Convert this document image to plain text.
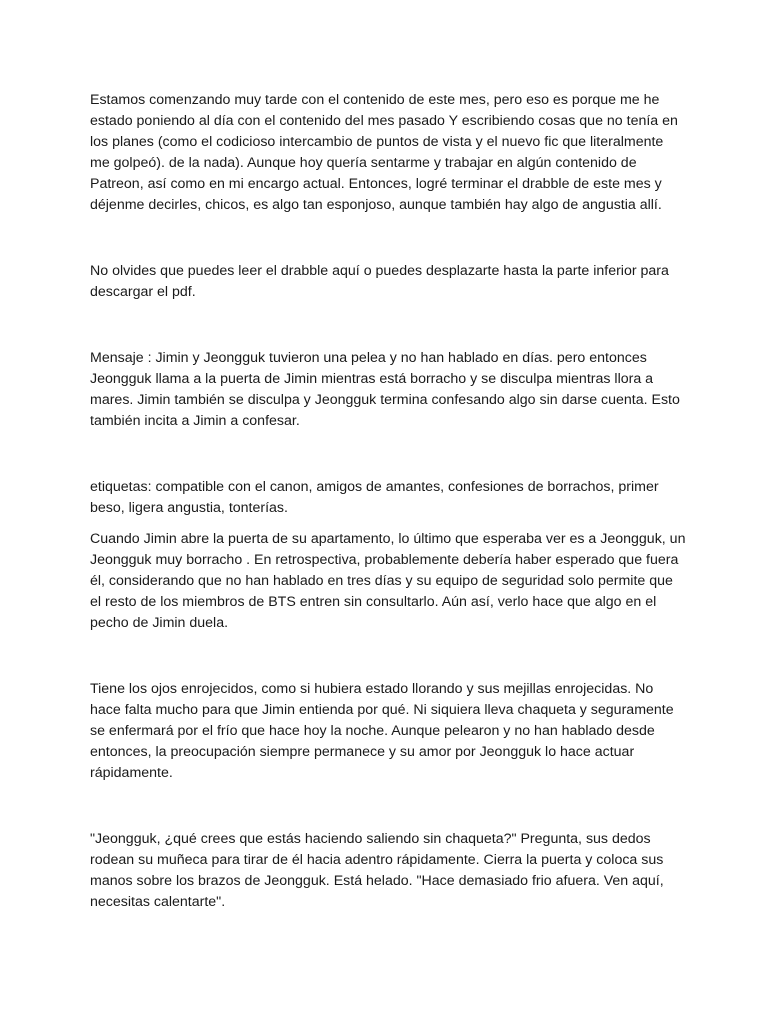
Estamos comenzando muy tarde con el contenido de este mes, pero eso es porque me he estado poniendo al día con el contenido del mes pasado Y escribiendo cosas que no tenía en los planes (como el codicioso intercambio de puntos de vista y el nuevo fic que literalmente me golpeó). de la nada). Aunque hoy quería sentarme y trabajar en algún contenido de Patreon, así como en mi encargo actual. Entonces, logré terminar el drabble de este mes y déjenme decirles, chicos, es algo tan esponjoso, aunque también hay algo de angustia allí.

No olvides que puedes leer el drabble aquí o puedes desplazarte hasta la parte inferior para descargar el pdf.

Mensaje : Jimin y Jeongguk tuvieron una pelea y no han hablado en días. pero entonces Jeongguk llama a la puerta de Jimin mientras está borracho y se disculpa mientras llora a mares. Jimin también se disculpa y Jeongguk termina confesando algo sin darse cuenta. Esto también incita a Jimin a confesar.

etiquetas: compatible con el canon, amigos de amantes, confesiones de borrachos, primer beso, ligera angustia, tonterías.

Cuando Jimin abre la puerta de su apartamento, lo último que esperaba ver es a Jeongguk, un Jeongguk muy borracho . En retrospectiva, probablemente debería haber esperado que fuera él, considerando que no han hablado en tres días y su equipo de seguridad solo permite que el resto de los miembros de BTS entren sin consultarlo. Aún así, verlo hace que algo en el pecho de Jimin duela.

Tiene los ojos enrojecidos, como si hubiera estado llorando y sus mejillas enrojecidas. No hace falta mucho para que Jimin entienda por qué. Ni siquiera lleva chaqueta y seguramente se enfermará por el frío que hace hoy la noche. Aunque pelearon y no han hablado desde entonces, la preocupación siempre permanece y su amor por Jeongguk lo hace actuar rápidamente.

"Jeongguk, ¿qué crees que estás haciendo saliendo sin chaqueta?" Pregunta, sus dedos rodean su muñeca para tirar de él hacia adentro rápidamente. Cierra la puerta y coloca sus manos sobre los brazos de Jeongguk. Está helado. "Hace demasiado frio afuera. Ven aquí, necesitas calentarte".
